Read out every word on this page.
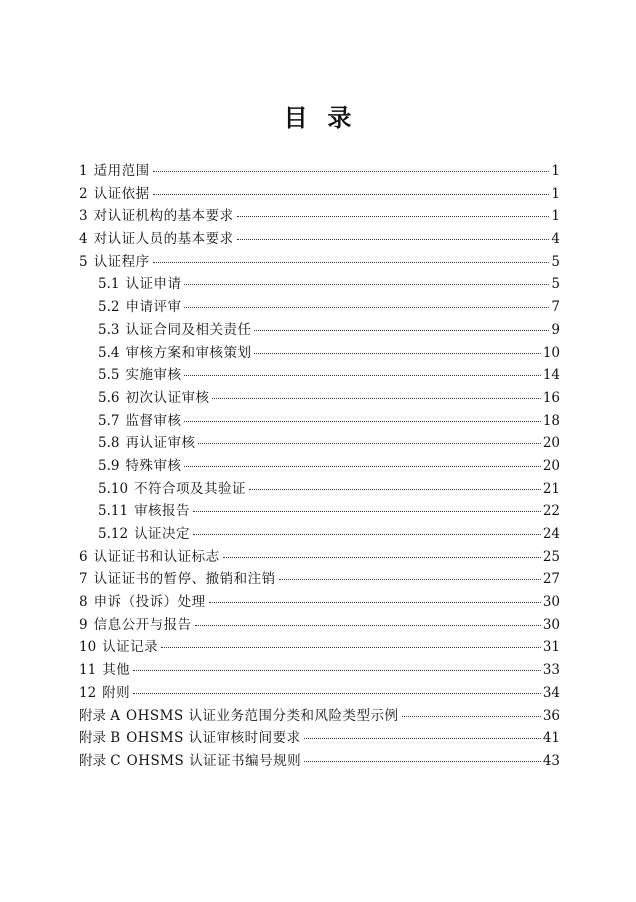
目  录
1 适用范围	1
2 认证依据	1
3 对认证机构的基本要求	1
4 对认证人员的基本要求	4
5 认证程序	5
5.1 认证申请	5
5.2 申请评审	7
5.3 认证合同及相关责任	9
5.4 审核方案和审核策划	10
5.5 实施审核	14
5.6 初次认证审核	16
5.7 监督审核	18
5.8 再认证审核	20
5.9 特殊审核	20
5.10 不符合项及其验证	21
5.11 审核报告	22
5.12 认证决定	24
6 认证证书和认证标志	25
7 认证证书的暂停、撤销和注销	27
8 申诉（投诉）处理	30
9 信息公开与报告	30
10 认证记录	31
11 其他	33
12 附则	34
附录 A OHSMS 认证业务范围分类和风险类型示例	36
附录 B OHSMS 认证审核时间要求	41
附录 C OHSMS 认证证书编号规则	43
